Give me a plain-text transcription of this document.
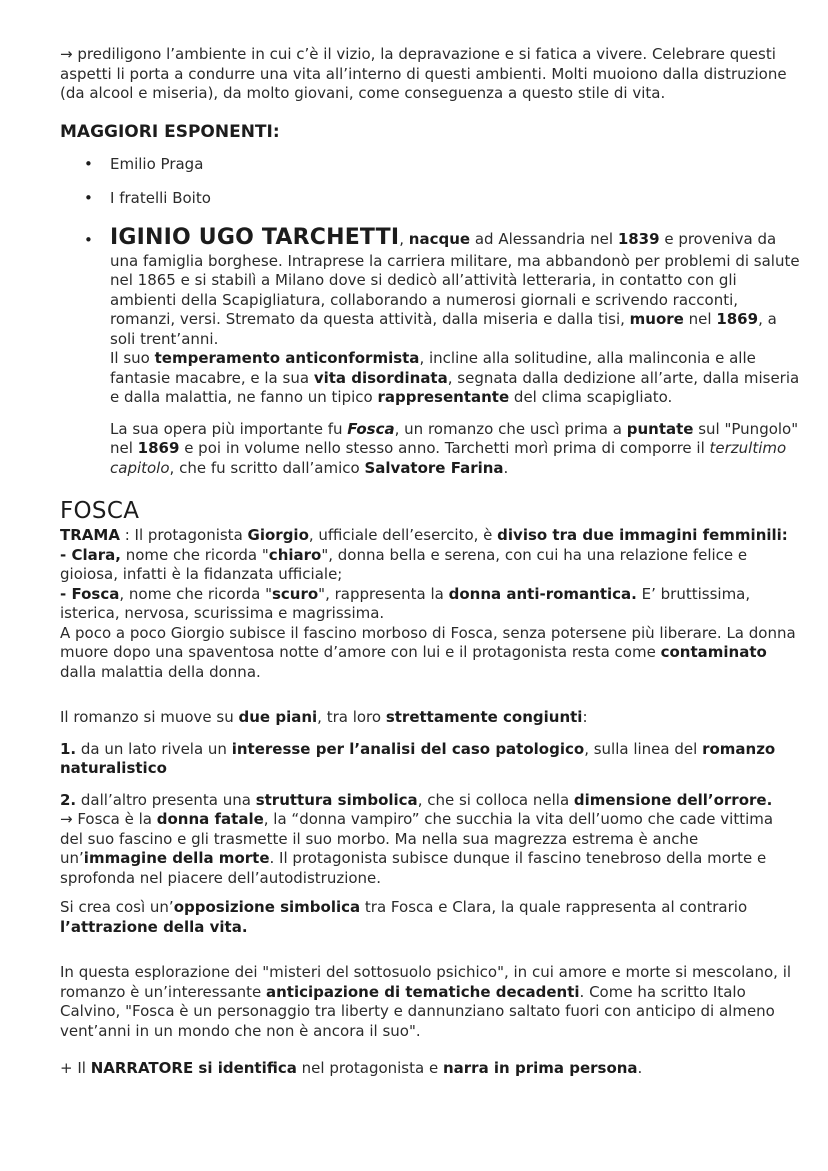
→ prediligono l’ambiente in cui c’è il vizio, la depravazione e si fatica a vivere. Celebrare questi aspetti li porta a condurre una vita all’interno di questi ambienti. Molti muoiono dalla distruzione (da alcool e miseria), da molto giovani, come conseguenza a questo stile di vita.

MAGGIORI ESPONENTI:
• Emilio Praga
• I fratelli Boito
• IGINIO UGO TARCHETTI, nacque ad Alessandria nel 1839 e proveniva da una famiglia borghese. Intraprese la carriera militare, ma abbandonò per problemi di salute nel 1865 e si stabilì a Milano dove si dedicò all’attività letteraria, in contatto con gli ambienti della Scapigliatura, collaborando a numerosi giornali e scrivendo racconti, romanzi, versi. Stremato da questa attività, dalla miseria e dalla tisi, muore nel 1869, a soli trent’anni.

Il suo temperamento anticonformista, incline alla solitudine, alla malinconia e alle fantasie macabre, e la sua vita disordinata, segnata dalla dedizione all’arte, dalla miseria e dalla malattia, ne fanno un tipico rappresentante del clima scapigliato.

La sua opera più importante fu Fosca, un romanzo che uscì prima a puntate sul "Pungolo" nel 1869 e poi in volume nello stesso anno. Tarchetti morì prima di comporre il terzultimo capitolo, che fu scritto dall’amico Salvatore Farina.

FOSCA

TRAMA : Il protagonista Giorgio, ufficiale dell’esercito, è diviso tra due immagini femminili:

- Clara, nome che ricorda "chiaro", donna bella e serena, con cui ha una relazione felice e gioiosa, infatti è la fidanzata ufficiale;

- Fosca, nome che ricorda "scuro", rappresenta la donna anti-romantica. E’ bruttissima, isterica, nervosa, scurissima e magrissima.

A poco a poco Giorgio subisce il fascino morboso di Fosca, senza potersene più liberare. La donna muore dopo una spaventosa notte d’amore con lui e il protagonista resta come contaminato dalla malattia della donna.

Il romanzo si muove su due piani, tra loro strettamente congiunti:

1. da un lato rivela un interesse per l’analisi del caso patologico, sulla linea del romanzo naturalistico

2. dall’altro presenta una struttura simbolica, che si colloca nella dimensione dell’orrore.

→ Fosca è la donna fatale, la “donna vampiro” che succhia la vita dell’uomo che cade vittima del suo fascino e gli trasmette il suo morbo. Ma nella sua magrezza estrema è anche un’immagine della morte. Il protagonista subisce dunque il fascino tenebroso della morte e sprofonda nel piacere dell’autodistruzione.

Si crea così un’opposizione simbolica tra Fosca e Clara, la quale rappresenta al contrario l’attrazione della vita.

In questa esplorazione dei "misteri del sottosuolo psichico", in cui amore e morte si mescolano, il romanzo è un’interessante anticipazione di tematiche decadenti. Come ha scritto Italo Calvino, "Fosca è un personaggio tra liberty e dannunziano saltato fuori con anticipo di almeno vent’anni in un mondo che non è ancora il suo".

+ Il NARRATORE si identifica nel protagonista e narra in prima persona.
